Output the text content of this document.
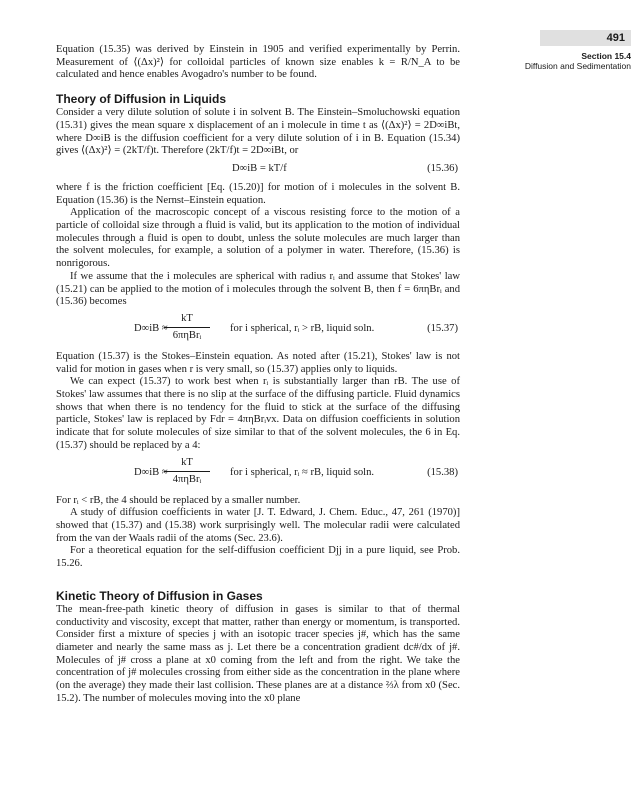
491
Section 15.4
Diffusion and Sedimentation

Equation (15.35) was derived by Einstein in 1905 and verified experimentally by Perrin. Measurement of ⟨(Δx)²⟩ for colloidal particles of known size enables k = R/N_A to be calculated and hence enables Avogadro's number to be found.

Theory of Diffusion in Liquids

Consider a very dilute solution of solute i in solvent B. The Einstein–Smoluchowski equation (15.31) gives the mean square x displacement of an i molecule in time t as ⟨(Δx)²⟩ = 2D∞iBt, where D∞iB is the diffusion coefficient for a very dilute solution of i in B. Equation (15.34) gives ⟨(Δx)²⟩ = (2kT/f)t. Therefore (2kT/f)t = 2D∞iBt, or

D∞iB = kT/f	(15.36)

where f is the friction coefficient [Eq. (15.20)] for motion of i molecules in the solvent B. Equation (15.36) is the Nernst–Einstein equation.

Application of the macroscopic concept of a viscous resisting force to the motion of a particle of colloidal size through a fluid is valid, but its application to the motion of individual molecules through a fluid is open to doubt, unless the solute molecules are much larger than the solvent molecules, for example, a solution of a polymer in water. Therefore, (15.36) is nonrigorous.

If we assume that the i molecules are spherical with radius rᵢ and assume that Stokes' law (15.21) can be applied to the motion of i molecules through the solvent B, then f = 6πηBrᵢ and (15.36) becomes

D∞iB ≈
kT
6πηBrᵢ
for i spherical, rᵢ > rB, liquid soln.	(15.37)

Equation (15.37) is the Stokes–Einstein equation. As noted after (15.21), Stokes' law is not valid for motion in gases when r is very small, so (15.37) applies only to liquids.

We can expect (15.37) to work best when rᵢ is substantially larger than rB. The use of Stokes' law assumes that there is no slip at the surface of the diffusing particle. Fluid dynamics shows that when there is no tendency for the fluid to stick at the surface of the diffusing particle, Stokes' law is replaced by Fdr = 4πηBrᵢvx. Data on diffusion coefficients in solution indicate that for solute molecules of size similar to that of the solvent molecules, the 6 in Eq. (15.37) should be replaced by a 4:

D∞iB ≈
kT
4πηBrᵢ
for i spherical, rᵢ ≈ rB, liquid soln.	(15.38)

For rᵢ < rB, the 4 should be replaced by a smaller number.

A study of diffusion coefficients in water [J. T. Edward, J. Chem. Educ., 47, 261 (1970)] showed that (15.37) and (15.38) work surprisingly well. The molecular radii were calculated from the van der Waals radii of the atoms (Sec. 23.6).

For a theoretical equation for the self-diffusion coefficient Djj in a pure liquid, see Prob. 15.26.

Kinetic Theory of Diffusion in Gases

The mean-free-path kinetic theory of diffusion in gases is similar to that of thermal conductivity and viscosity, except that matter, rather than energy or momentum, is transported. Consider first a mixture of species j with an isotopic tracer species j#, which has the same diameter and nearly the same mass as j. Let there be a concentration gradient dc#/dx of j#. Molecules of j# cross a plane at x0 coming from the left and from the right. We take the concentration of j# molecules crossing from either side as the concentration in the plane where (on the average) they made their last collision. These planes are at a distance ⅔λ from x0 (Sec. 15.2). The number of molecules moving into the x0 plane
